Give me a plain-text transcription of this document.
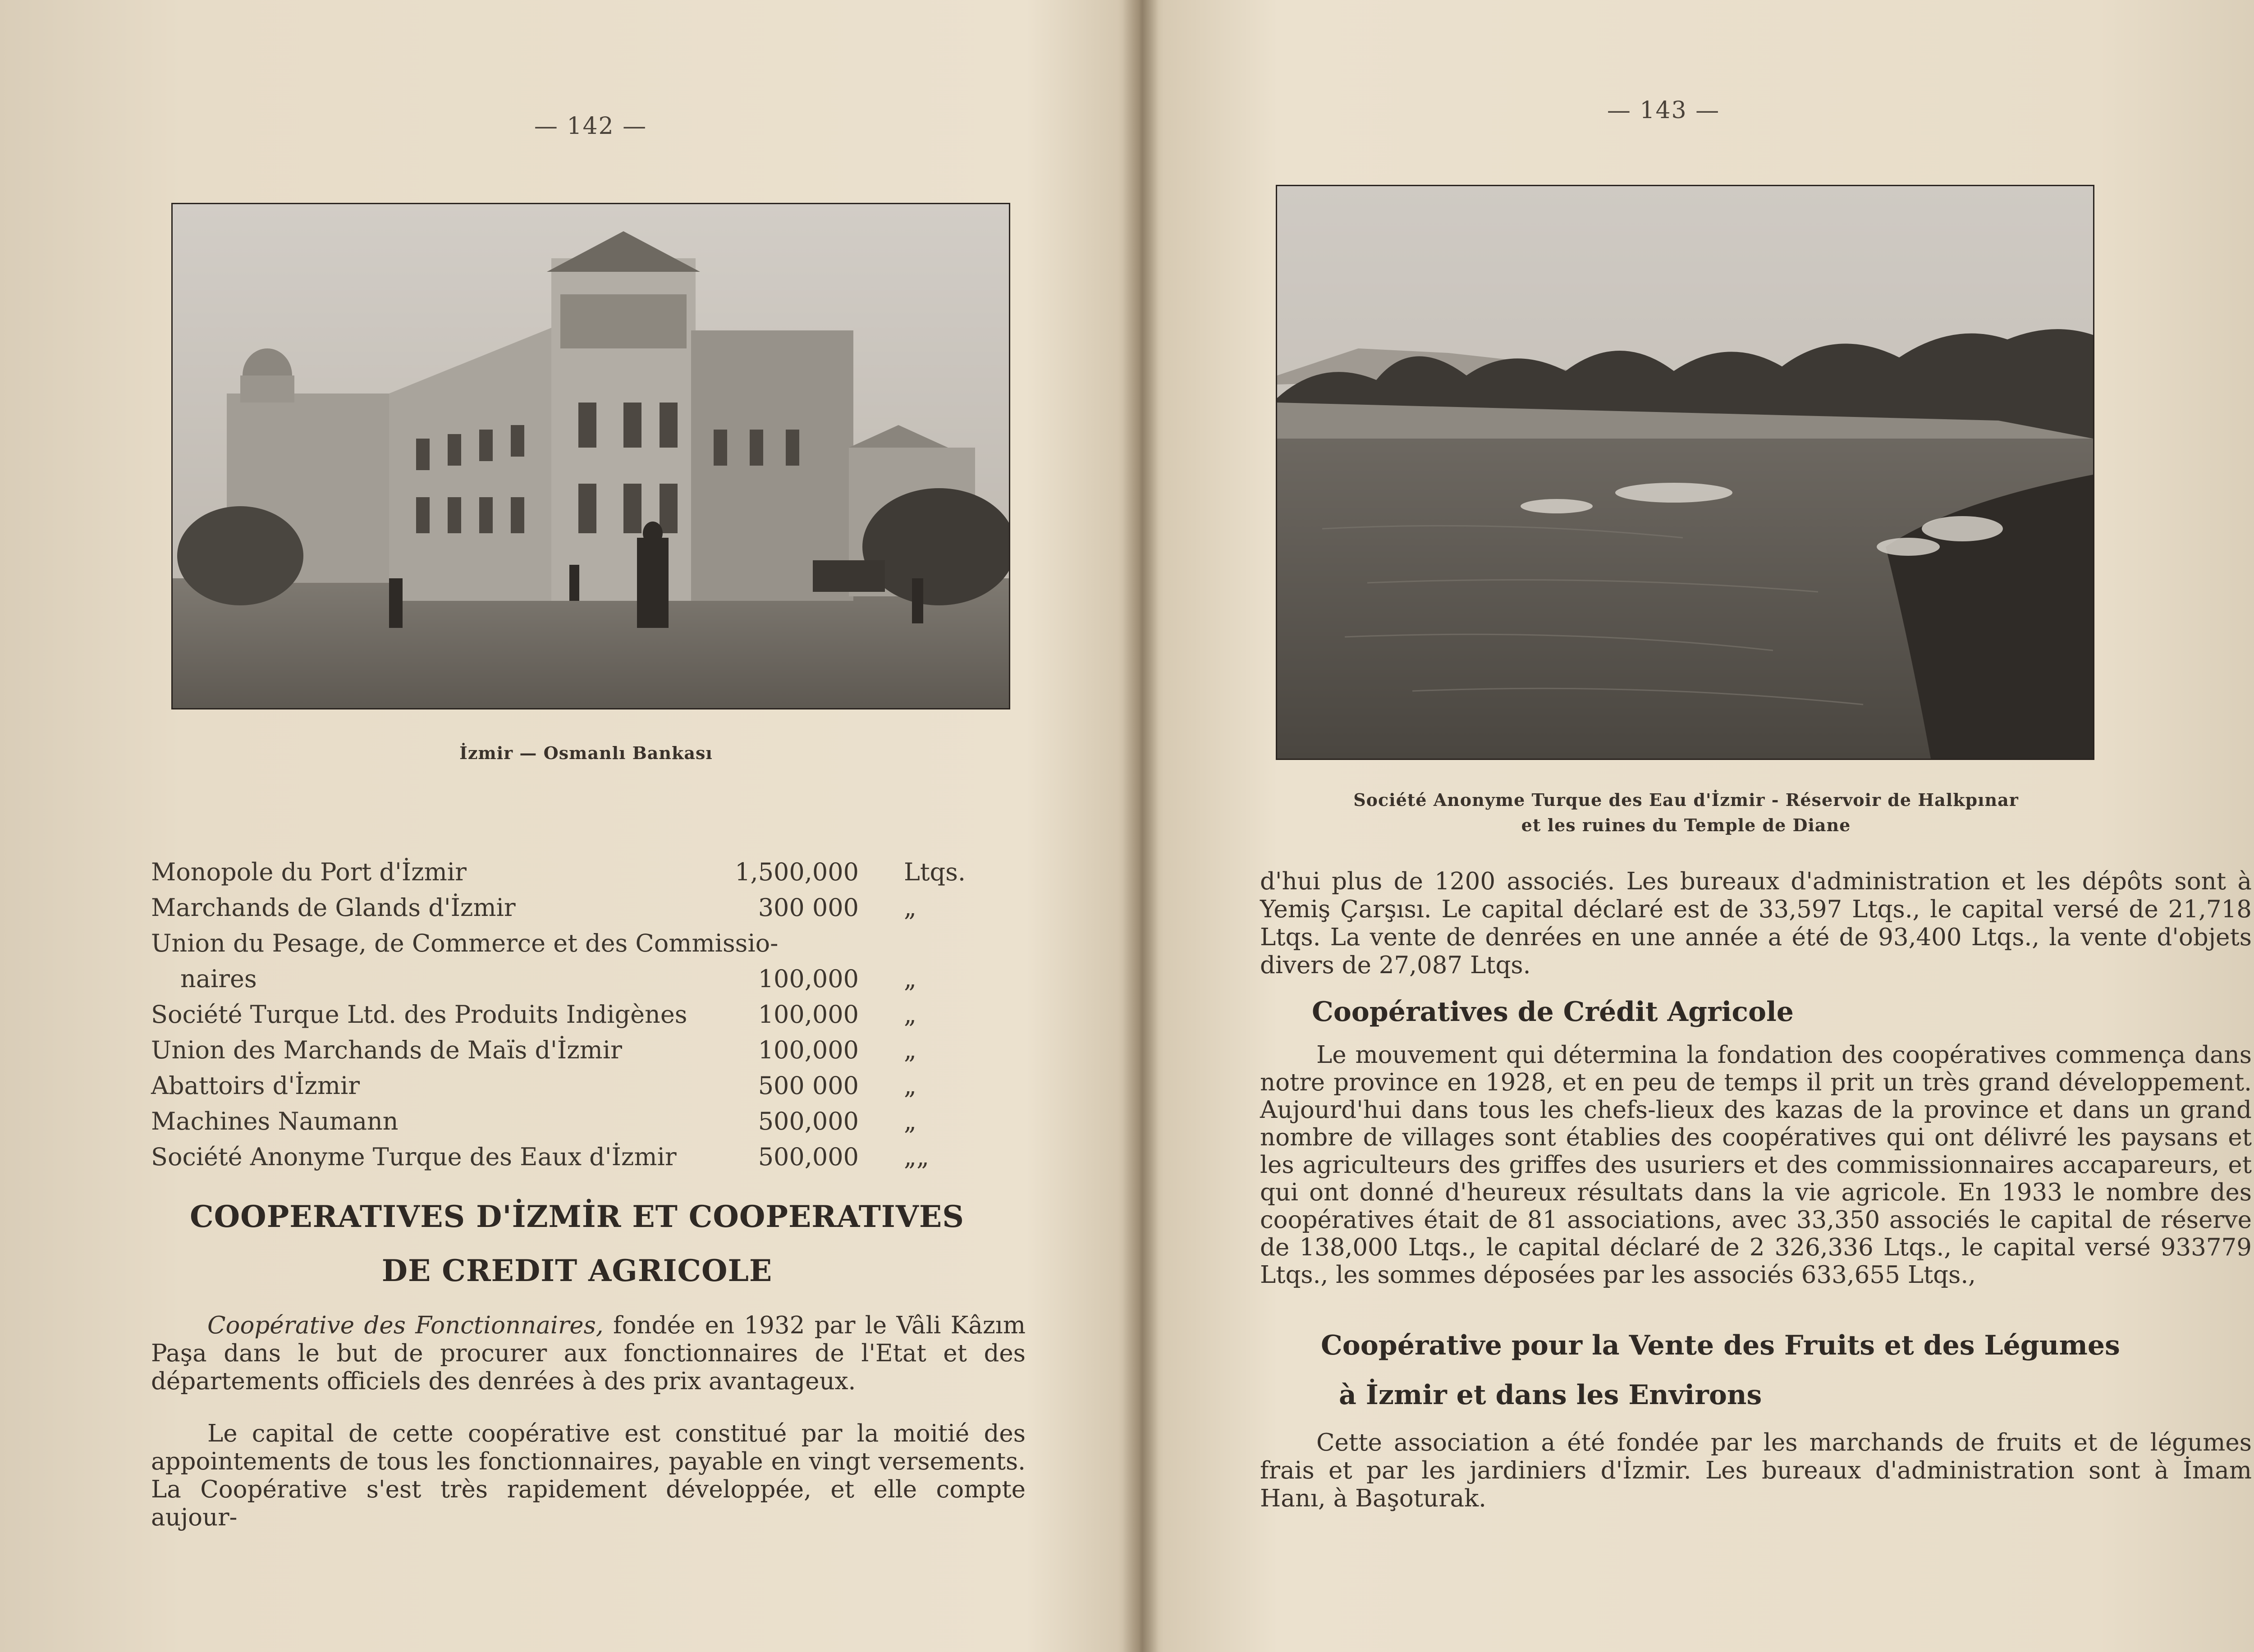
— 142 —
İzmir — Osmanlı Bankası
Monopole du Port d'İzmir	1,500,000 Ltqs.
Marchands de Glands d'İzmir	300 000 „
Union du Pesage, de Commerce et des Commissio-
naires	100,000 „
Société Turque Ltd. des Produits Indigènes	100,000 „
Union des Marchands de Maïs d'İzmir	100,000 „
Abattoirs d'İzmir	500 000 „
Machines Naumann	500,000 „
Société Anonyme Turque des Eaux d'İzmir	500,000 „„
COOPERATIVES D'İZMİR ET COOPERATIVES
DE CREDIT AGRICOLE
Coopérative des Fonctionnaires, fondée en 1932 par le Vâli Kâzım Paşa dans le but de procurer aux fonctionnaires de l'Etat et des départements officiels des denrées à des prix avantageux.
Le capital de cette coopérative est constitué par la moitié des appointements de tous les fonctionnaires, payable en vingt versements. La Coopérative s'est très rapidement développée, et elle compte aujour-
— 143 —
Société Anonyme Turque des Eau d'İzmir - Réservoir de Halkpınar
et les ruines du Temple de Diane
d'hui plus de 1200 associés. Les bureaux d'administration et les dépôts sont à Yemiş Çarşısı. Le capital déclaré est de 33,597 Ltqs., le capital versé de 21,718 Ltqs. La vente de denrées en une année a été de 93,400 Ltqs., la vente d'objets divers de 27,087 Ltqs.
Coopératives de Crédit Agricole
Le mouvement qui détermina la fondation des coopératives commença dans notre province en 1928, et en peu de temps il prit un très grand développement. Aujourd'hui dans tous les chefs-lieux des kazas de la province et dans un grand nombre de villages sont établies des coopératives qui ont délivré les paysans et les agriculteurs des griffes des usuriers et des commissionnaires accapareurs, et qui ont donné d'heureux résultats dans la vie agricole. En 1933 le nombre des coopératives était de 81 associations, avec 33,350 associés le capital de réserve de 138,000 Ltqs., le capital déclaré de 2 326,336 Ltqs., le capital versé 933779 Ltqs., les sommes déposées par les associés 633,655 Ltqs.,
Coopérative pour la Vente des Fruits et des Légumes
à İzmir et dans les Environs
Cette association a été fondée par les marchands de fruits et de légumes frais et par les jardiniers d'İzmir. Les bureaux d'administration sont à İmam Hanı, à Başoturak.
